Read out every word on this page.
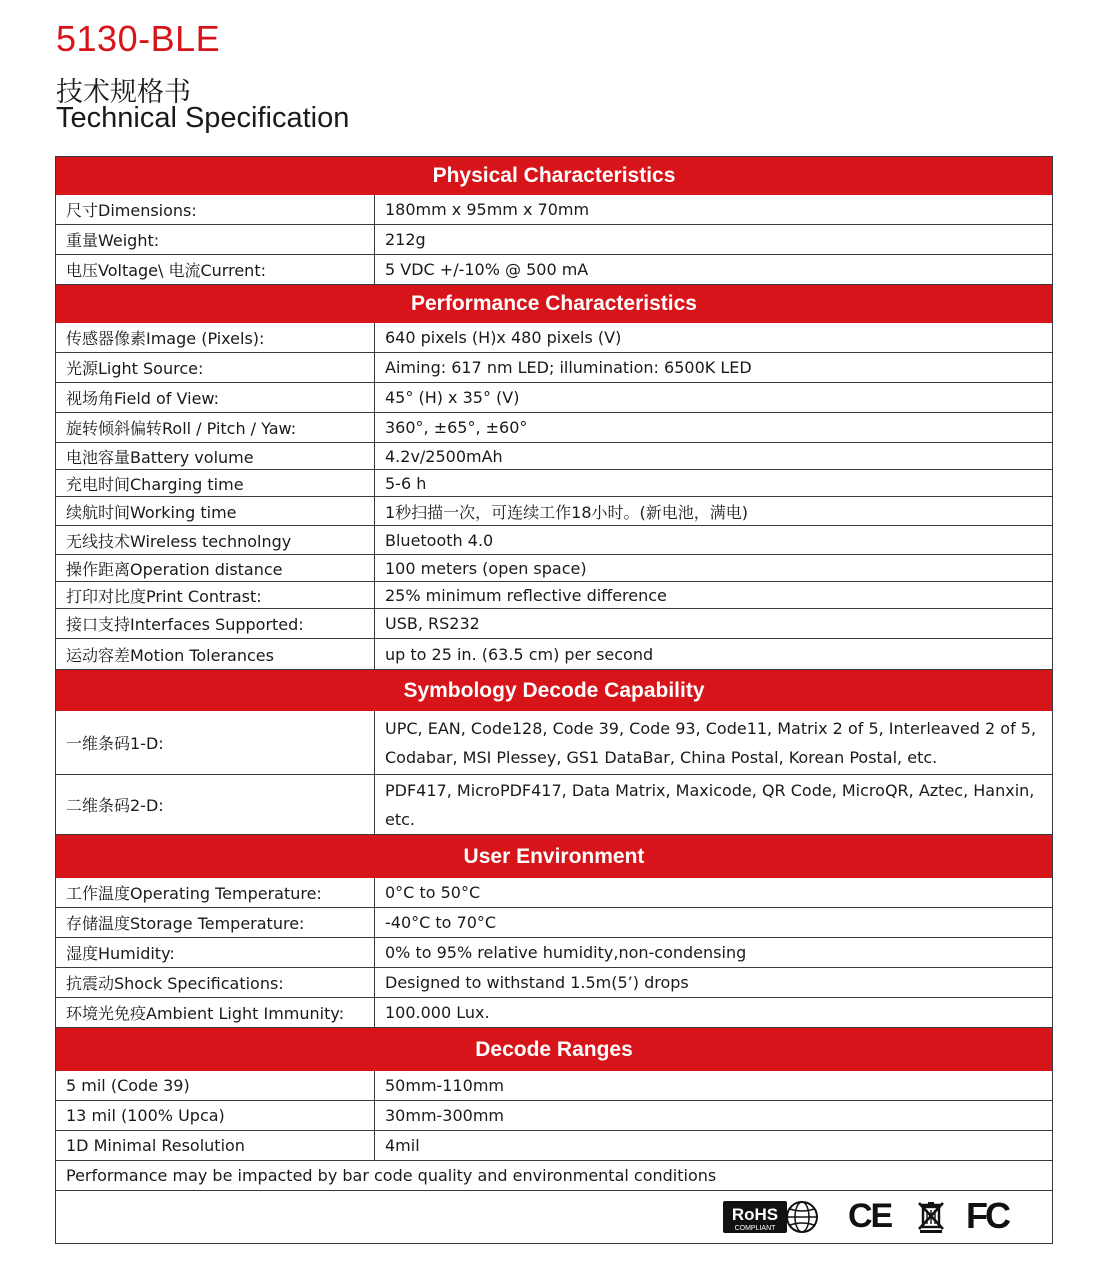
5130-BLE
技术规格书
Technical Specification
Physical Characteristics
尺寸Dimensions:	180mm x 95mm x 70mm
重量Weight:	212g
电压Voltage\ 电流Current:	5 VDC +/-10% @ 500 mA
Performance Characteristics
传感器像素Image (Pixels):	640 pixels (H)x 480 pixels (V)
光源Light Source:	Aiming: 617 nm LED; illumination: 6500K LED
视场角Field of View:	45° (H) x 35° (V)
旋转倾斜偏转Roll / Pitch / Yaw:	360°, ±65°, ±60°
电池容量Battery volume	4.2v/2500mAh
充电时间Charging time	5-6 h
续航时间Working time	1秒扫描一次，可连续工作18小时。(新电池，满电)
无线技术Wireless technolngy	Bluetooth 4.0
操作距离Operation distance	100 meters (open space)
打印对比度Print Contrast:	25% minimum reflective difference
接口支持Interfaces Supported:	USB, RS232
运动容差Motion Tolerances	up to 25 in. (63.5 cm) per second
Symbology Decode Capability
一维条码1-D:
UPC, EAN, Code128, Code 39, Code 93, Code11, Matrix 2 of 5, Interleaved 2 of 5, Codabar, MSI Plessey, GS1 DataBar, China Postal, Korean Postal, etc.
二维条码2-D:
PDF417, MicroPDF417, Data Matrix, Maxicode, QR Code, MicroQR, Aztec, Hanxin, etc.
User Environment
工作温度Operating Temperature:	0°C to 50°C
存储温度Storage Temperature:	-40°C to 70°C
湿度Humidity:	0% to 95% relative humidity,non-condensing
抗震动Shock Specifications:	Designed to withstand 1.5m(5’) drops
环境光免疫Ambient Light Immunity:	100.000 Lux.
Decode Ranges
5 mil (Code 39)	50mm-110mm
13 mil (100% Upca)	30mm-300mm
1D Minimal Resolution	4mil
Performance may be impacted by bar code quality and environmental conditions
RoHS
COMPLIANT CE FC
